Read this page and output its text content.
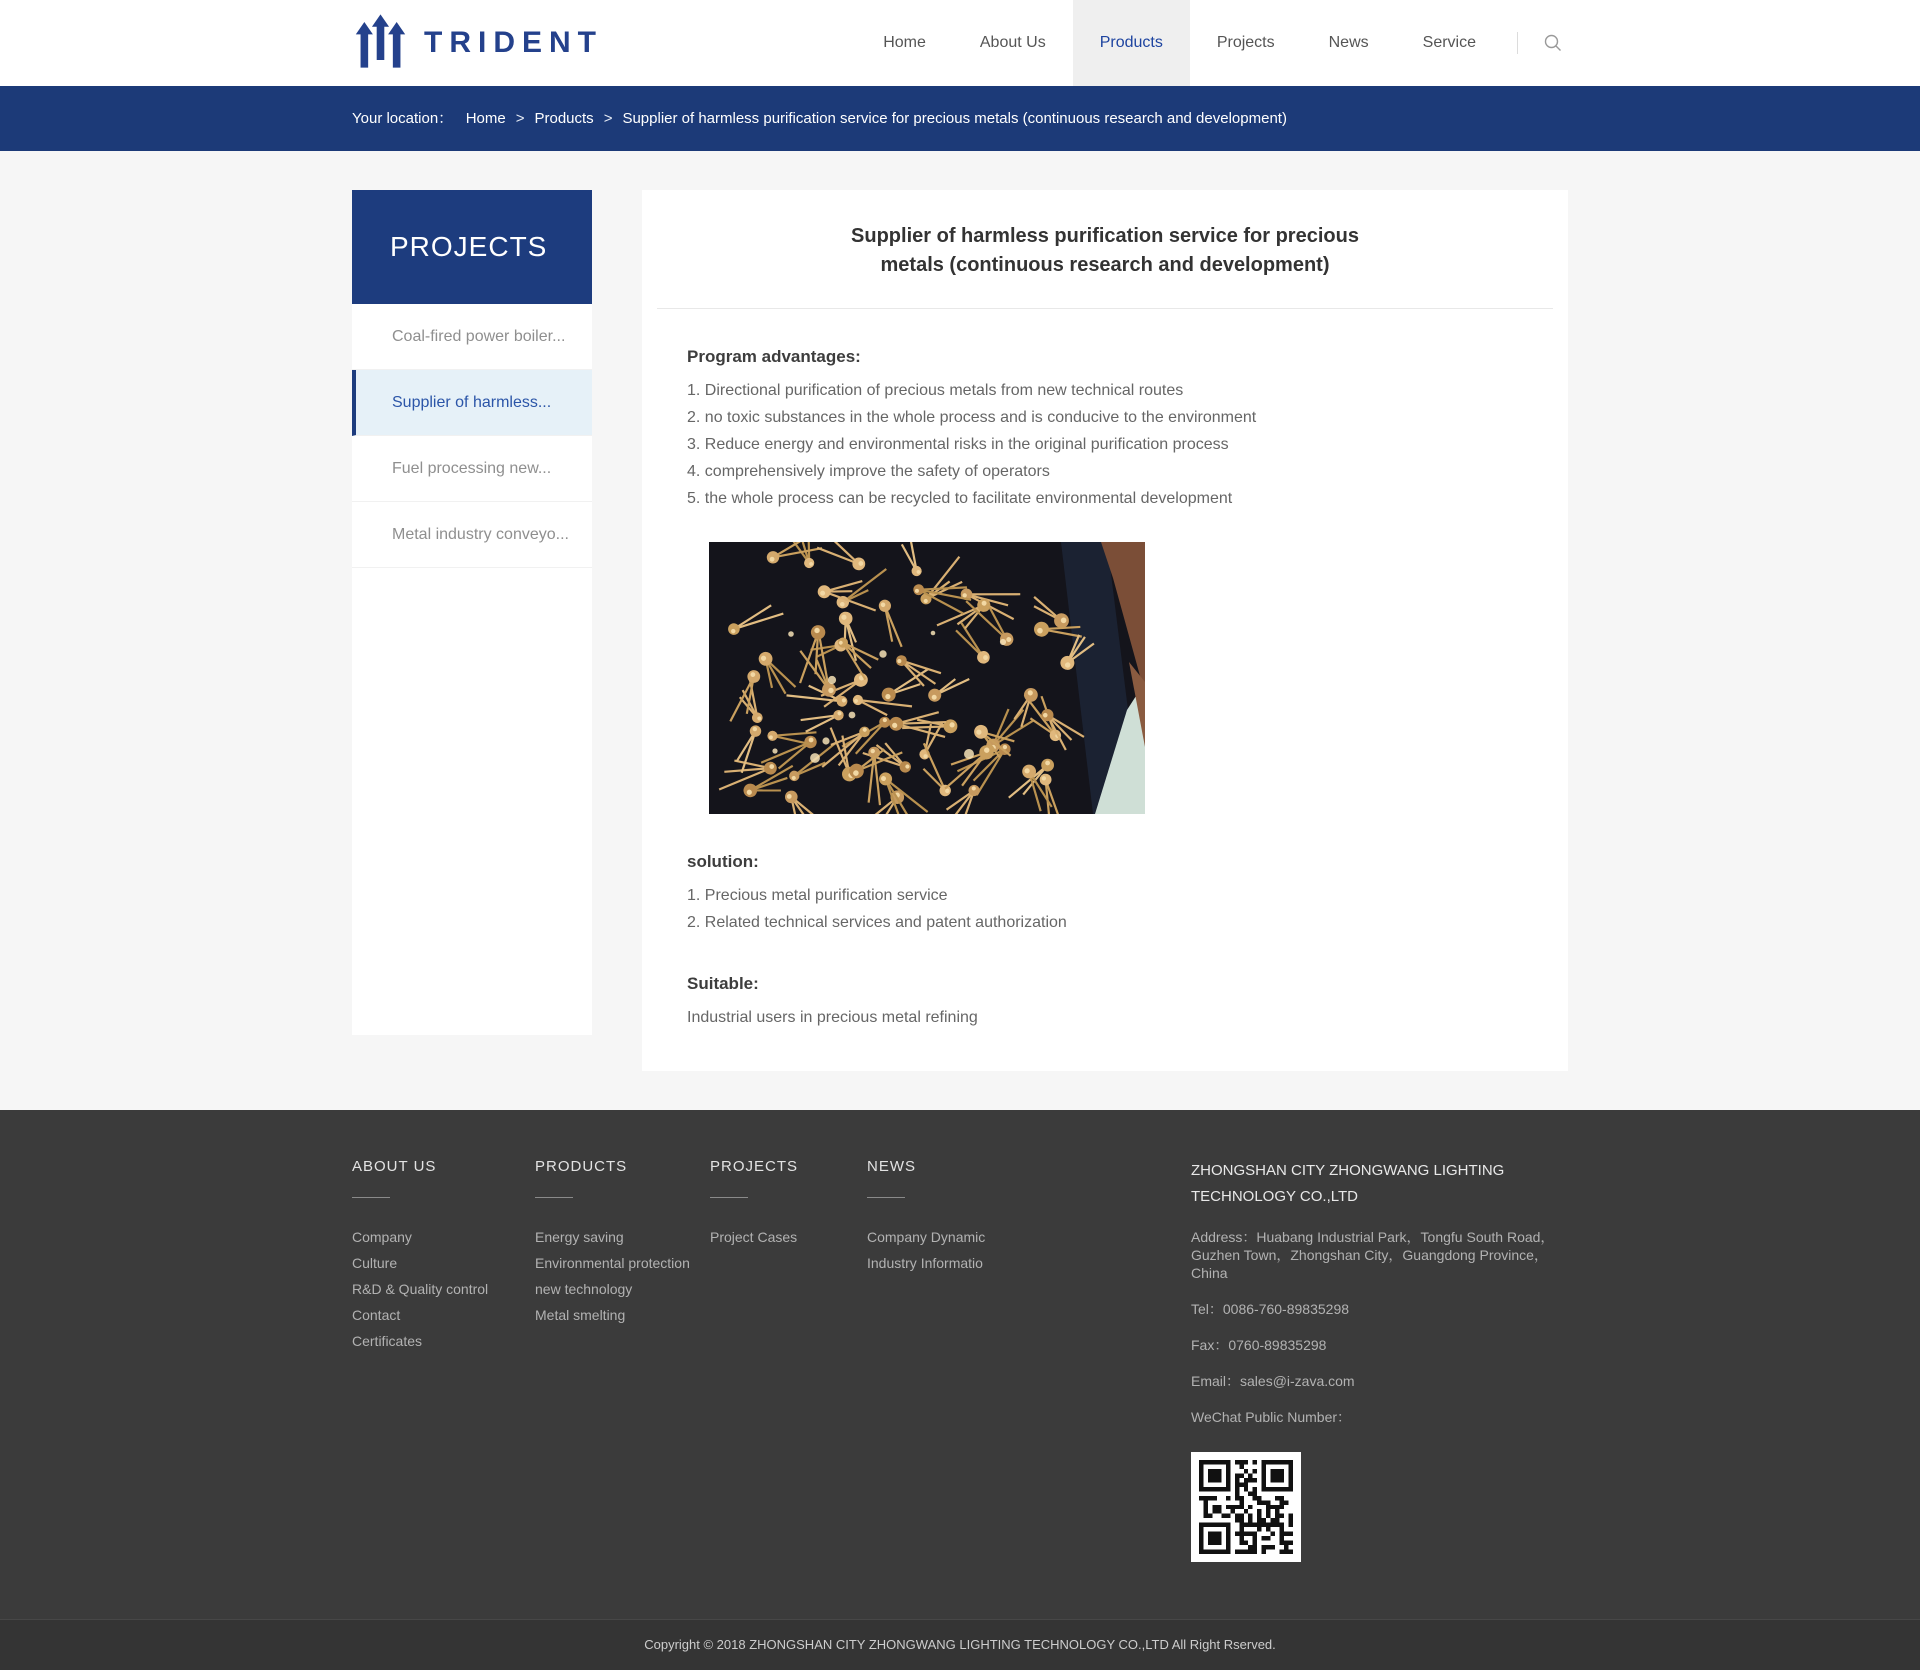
TRIDENT	Home	About Us	Products	Projects	News	Service
Your location： Home > Products > Supplier of harmless purification service for precious metals (continuous research and development)
PROJECTS
Coal-fired power boiler...
Supplier of harmless...
Fuel processing new...
Metal industry conveyo...
Supplier of harmless purification service for precious metals (continuous research and development)
Program advantages:

1. Directional purification of precious metals from new technical routes

2. no toxic substances in the whole process and is conducive to the environment

3. Reduce energy and environmental risks in the original purification process

4. comprehensively improve the safety of operators

5. the whole process can be recycled to facilitate environmental development

solution:

1. Precious metal purification service

2. Related technical services and patent authorization

Suitable:

Industrial users in precious metal refining

ABOUT US
Company
Culture
R&D & Quality control
Contact
Certificates
PRODUCTS
Energy saving
Environmental protection
new technology
Metal smelting
PROJECTS
Project Cases
NEWS
Company Dynamic
Industry Informatio
ZHONGSHAN CITY ZHONGWANG LIGHTING
TECHNOLOGY CO.,LTD
Address：Huabang Industrial Park，Tongfu South Road，Guzhen Town，Zhongshan City，Guangdong Province，China
Tel：0086-760-89835298
Fax：0760-89835298
Email：sales@i-zava.com
WeChat Public Number：
Copyright © 2018 ZHONGSHAN CITY ZHONGWANG LIGHTING TECHNOLOGY CO.,LTD All Right Rserved.
